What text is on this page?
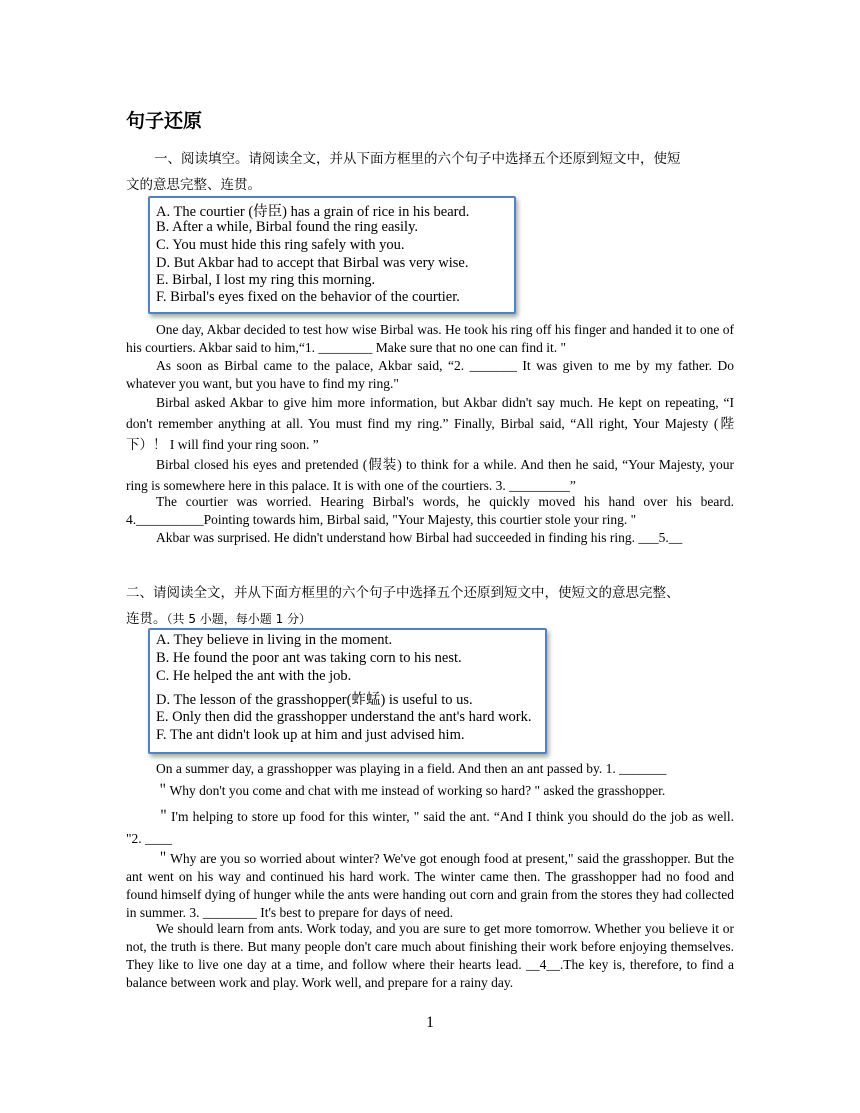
句子还原

一、阅读填空。请阅读全文，并从下面方框里的六个句子中选择五个还原到短文中，使短

文的意思完整、连贯。

A. The courtier (侍臣) has a grain of rice in his beard.
B. After a while, Birbal found the ring easily.
C. You must hide this ring safely with you.
D. But Akbar had to accept that Birbal was very wise.
E. Birbal, I lost my ring this morning.
F. Birbal's eyes fixed on the behavior of the courtier.

One day, Akbar decided to test how wise Birbal was. He took his ring off his finger and handed it to one of his courtiers. Akbar said to him,“1. ________ Make sure that no one can find it. "

As soon as Birbal came to the palace, Akbar said, “2. _______ It was given to me by my father. Do whatever you want, but you have to find my ring."

Birbal asked Akbar to give him more information, but Akbar didn't say much. He kept on repeating, “I don't remember anything at all. You must find my ring.” Finally, Birbal said, “All right, Your Majesty (陛下）！ I will find your ring soon. ”

Birbal closed his eyes and pretended (假装) to think for a while. And then he said, “Your Majesty, your ring is somewhere here in this palace. It is with one of the courtiers. 3. _________”

The courtier was worried. Hearing Birbal's words, he quickly moved his hand over his beard. 4.__________Pointing towards him, Birbal said, "Your Majesty, this courtier stole your ring. "

Akbar was surprised. He didn't understand how Birbal had succeeded in finding his ring. ___5.__

二、请阅读全文，并从下面方框里的六个句子中选择五个还原到短文中，使短文的意思完整、

连贯。（共 5 小题，每小题 1 分）

A. They believe in living in the moment.
B. He found the poor ant was taking corn to his nest.
C. He helped the ant with the job.
D. The lesson of the grasshopper(蚱蜢) is useful to us.
E. Only then did the grasshopper understand the ant's hard work.
F. The ant didn't look up at him and just advised him.

On a summer day, a grasshopper was playing in a field. And then an ant passed by. 1. _______

＂Why don't you come and chat with me instead of working so hard? " asked the grasshopper.

＂I'm helping to store up food for this winter, " said the ant. “And I think you should do the job as well. "2. ____

＂Why are you so worried about winter? We've got enough food at present," said the grasshopper. But the ant went on his way and continued his hard work. The winter came then. The grasshopper had no food and found himself dying of hunger while the ants were handing out corn and grain from the stores they had collected in summer. 3. ________ It's best to prepare for days of need.

We should learn from ants. Work today, and you are sure to get more tomorrow. Whether you believe it or not, the truth is there. But many people don't care much about finishing their work before enjoying themselves. They like to live one day at a time, and follow where their hearts lead. __4__.The key is, therefore, to find a balance between work and play. Work well, and prepare for a rainy day.

1
